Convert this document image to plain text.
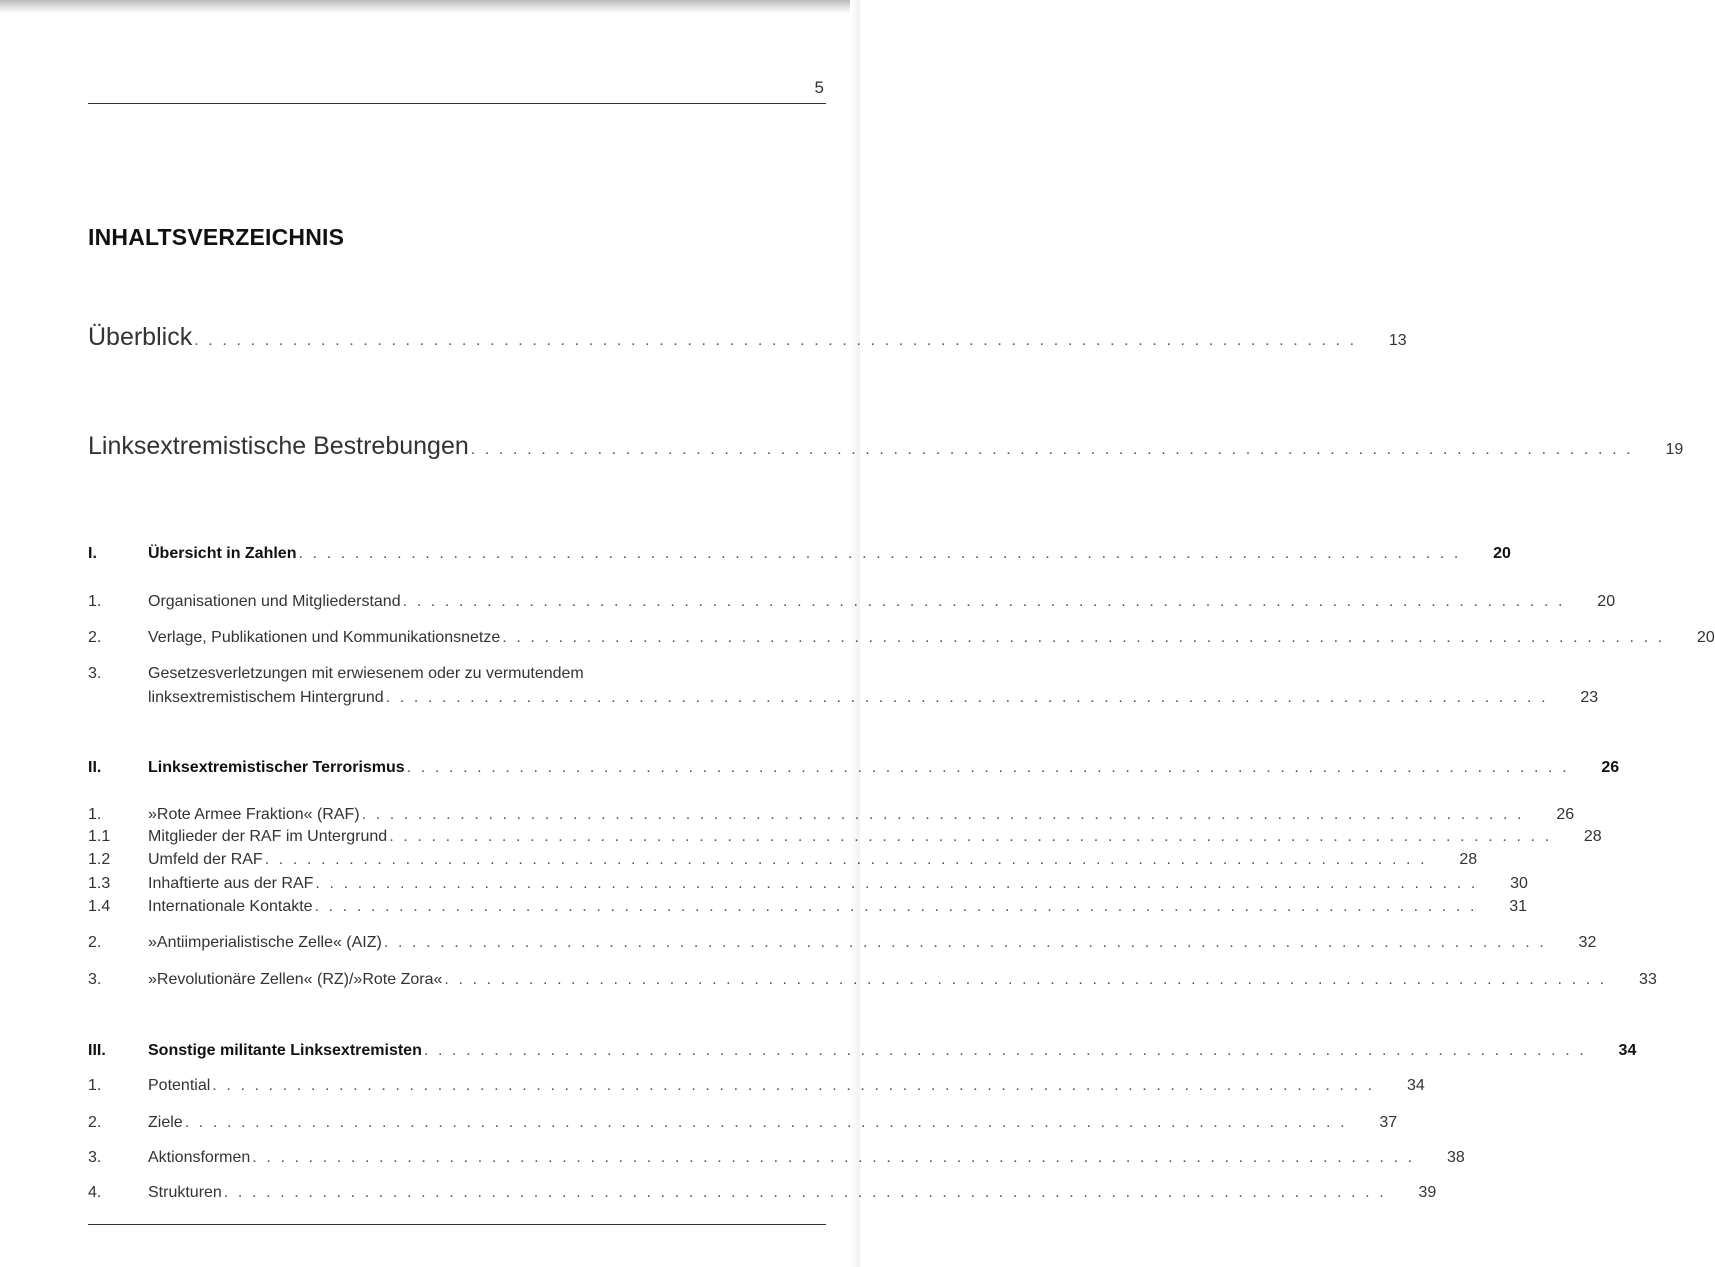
5
INHALTSVERZEICHNIS
Überblick . . . . . . . . . . . . . . . . . . . . . . . . . . . . . . . . . . . . . . . . . . . . . . . . . . . . . . . . . . . . . . . . . . . . . . . . . . . . . . . . . . .	13
Linksextremistische Bestrebungen . . . . . . . . . . . . . . . . . . . . . . . . . . . . . . . . . . . . . . . . . . . . . . . . . . . . . . . . . . . . . . . . . . . . . . . . . . . . . . . . . . .	19
I.	Übersicht in Zahlen . . . . . . . . . . . . . . . . . . . . . . . . . . . . . . . . . . . . . . . . . . . . . . . . . . . . . . . . . . . . . . . . . . . . . . . . . . . . . . . . . . .	20
1.	Organisationen und Mitgliederstand . . . . . . . . . . . . . . . . . . . . . . . . . . . . . . . . . . . . . . . . . . . . . . . . . . . . . . . . . . . . . . . . . . . . . . . . . . . . . . . . . . .	20
2.	Verlage, Publikationen und Kommunikationsnetze . . . . . . . . . . . . . . . . . . . . . . . . . . . . . . . . . . . . . . . . . . . . . . . . . . . . . . . . . . . . . . . . . . . . . . . . . . . . . . . . . . .	20
3.	Gesetzesverletzungen mit erwiesenem oder zu vermutendem
linksextremistischem Hintergrund . . . . . . . . . . . . . . . . . . . . . . . . . . . . . . . . . . . . . . . . . . . . . . . . . . . . . . . . . . . . . . . . . . . . . . . . . . . . . . . . . . .	23
II.	Linksextremistischer Terrorismus . . . . . . . . . . . . . . . . . . . . . . . . . . . . . . . . . . . . . . . . . . . . . . . . . . . . . . . . . . . . . . . . . . . . . . . . . . . . . . . . . . .	26
1.	»Rote Armee Fraktion« (RAF) . . . . . . . . . . . . . . . . . . . . . . . . . . . . . . . . . . . . . . . . . . . . . . . . . . . . . . . . . . . . . . . . . . . . . . . . . . . . . . . . . . .	26
1.1	Mitglieder der RAF im Untergrund . . . . . . . . . . . . . . . . . . . . . . . . . . . . . . . . . . . . . . . . . . . . . . . . . . . . . . . . . . . . . . . . . . . . . . . . . . . . . . . . . . .	28
1.2	Umfeld der RAF . . . . . . . . . . . . . . . . . . . . . . . . . . . . . . . . . . . . . . . . . . . . . . . . . . . . . . . . . . . . . . . . . . . . . . . . . . . . . . . . . . .	28
1.3	Inhaftierte aus der RAF . . . . . . . . . . . . . . . . . . . . . . . . . . . . . . . . . . . . . . . . . . . . . . . . . . . . . . . . . . . . . . . . . . . . . . . . . . . . . . . . . . .	30
1.4	Internationale Kontakte . . . . . . . . . . . . . . . . . . . . . . . . . . . . . . . . . . . . . . . . . . . . . . . . . . . . . . . . . . . . . . . . . . . . . . . . . . . . . . . . . . .	31
2.	»Antiimperialistische Zelle« (AIZ) . . . . . . . . . . . . . . . . . . . . . . . . . . . . . . . . . . . . . . . . . . . . . . . . . . . . . . . . . . . . . . . . . . . . . . . . . . . . . . . . . . .	32
3.	»Revolutionäre Zellen« (RZ)/»Rote Zora« . . . . . . . . . . . . . . . . . . . . . . . . . . . . . . . . . . . . . . . . . . . . . . . . . . . . . . . . . . . . . . . . . . . . . . . . . . . . . . . . . . .	33
III.	Sonstige militante Linksextremisten . . . . . . . . . . . . . . . . . . . . . . . . . . . . . . . . . . . . . . . . . . . . . . . . . . . . . . . . . . . . . . . . . . . . . . . . . . . . . . . . . . .	34
1.	Potential . . . . . . . . . . . . . . . . . . . . . . . . . . . . . . . . . . . . . . . . . . . . . . . . . . . . . . . . . . . . . . . . . . . . . . . . . . . . . . . . . . .	34
2.	Ziele . . . . . . . . . . . . . . . . . . . . . . . . . . . . . . . . . . . . . . . . . . . . . . . . . . . . . . . . . . . . . . . . . . . . . . . . . . . . . . . . . . .	37
3.	Aktionsformen . . . . . . . . . . . . . . . . . . . . . . . . . . . . . . . . . . . . . . . . . . . . . . . . . . . . . . . . . . . . . . . . . . . . . . . . . . . . . . . . . . .	38
4.	Strukturen . . . . . . . . . . . . . . . . . . . . . . . . . . . . . . . . . . . . . . . . . . . . . . . . . . . . . . . . . . . . . . . . . . . . . . . . . . . . . . . . . . .	39
